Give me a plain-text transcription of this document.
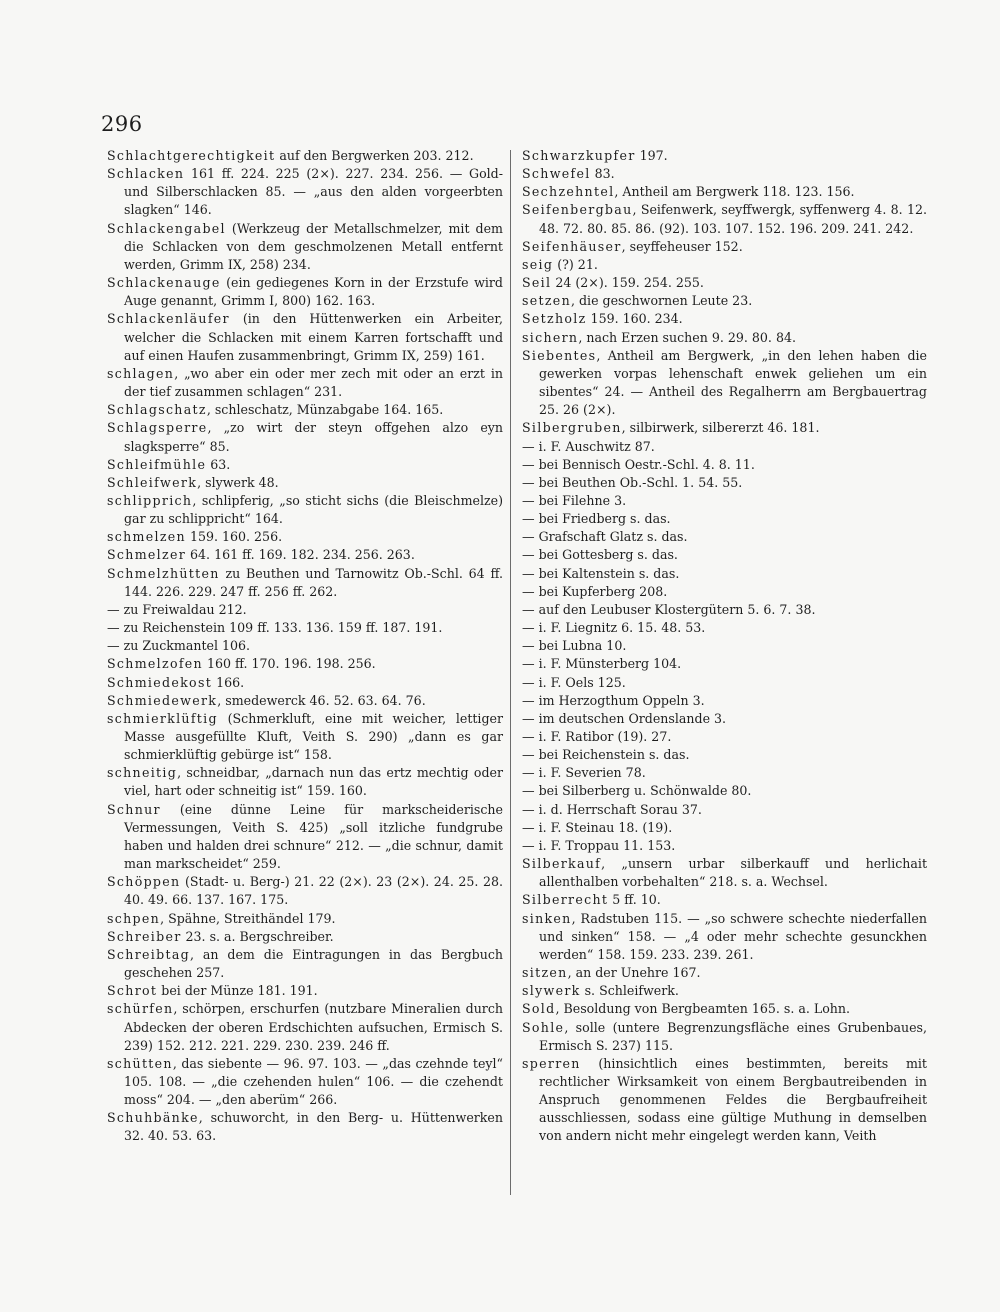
296

Schlachtgerechtigkeit auf den Bergwerken 203. 212.

Schlacken 161 ff. 224. 225 (2×). 227. 234. 256. — Gold- und Silberschlacken 85. — „aus den alden vorgeerbten slagken“ 146.

Schlackengabel (Werkzeug der Metallschmelzer, mit dem die Schlacken von dem geschmolzenen Metall entfernt werden, Grimm IX, 258) 234.

Schlackenauge (ein gediegenes Korn in der Erzstufe wird Auge genannt, Grimm I, 800) 162. 163.

Schlackenläufer (in den Hüttenwerken ein Arbeiter, welcher die Schlacken mit einem Karren fortschafft und auf einen Haufen zusammenbringt, Grimm IX, 259) 161.

schlagen, „wo aber ein oder mer zech mit oder an erzt in der tief zusammen schlagen“ 231.

Schlagschatz, schleschatz, Münzabgabe 164. 165.

Schlagsperre, „zo wirt der steyn offgehen alzo eyn slagksperre“ 85.

Schleifmühle 63.

Schleifwerk, slywerk 48.

schlipprich, schlipferig, „so sticht sichs (die Bleischmelze) gar zu schlippricht“ 164.

schmelzen 159. 160. 256.

Schmelzer 64. 161 ff. 169. 182. 234. 256. 263.

Schmelzhütten zu Beuthen und Tarnowitz Ob.-Schl. 64 ff. 144. 226. 229. 247 ff. 256 ff. 262.

— zu Freiwaldau 212.

— zu Reichenstein 109 ff. 133. 136. 159 ff. 187. 191.

— zu Zuckmantel 106.

Schmelzofen 160 ff. 170. 196. 198. 256.

Schmiedekost 166.

Schmiedewerk, smedewerck 46. 52. 63. 64. 76.

schmierklüftig (Schmerkluft, eine mit weicher, lettiger Masse ausgefüllte Kluft, Veith S. 290) „dann es gar schmierklüftig gebürge ist“ 158.

schneitig, schneidbar, „darnach nun das ertz mechtig oder viel, hart oder schneitig ist“ 159. 160.

Schnur (eine dünne Leine für markscheiderische Vermessungen, Veith S. 425) „soll itzliche fundgrube haben und halden drei schnure“ 212. — „die schnur, damit man markscheidet“ 259.

Schöppen (Stadt- u. Berg-) 21. 22 (2×). 23 (2×). 24. 25. 28. 40. 49. 66. 137. 167. 175.

schpen, Spähne, Streithändel 179.

Schreiber 23. s. a. Bergschreiber.

Schreibtag, an dem die Eintragungen in das Bergbuch geschehen 257.

Schrot bei der Münze 181. 191.

schürfen, schörpen, erschurfen (nutzbare Mineralien durch Abdecken der oberen Erdschichten aufsuchen, Ermisch S. 239) 152. 212. 221. 229. 230. 239. 246 ff.

schütten, das siebente — 96. 97. 103. — „das czehnde teyl“ 105. 108. — „die czehenden hulen“ 106. — die czehendt moss“ 204. — „den aberüm“ 266.

Schuhbänke, schuworcht, in den Berg- u. Hüttenwerken 32. 40. 53. 63.

Schwarzkupfer 197.

Schwefel 83.

Sechzehntel, Antheil am Bergwerk 118. 123. 156.

Seifenbergbau, Seifenwerk, seyffwergk, syffenwerg 4. 8. 12. 48. 72. 80. 85. 86. (92). 103. 107. 152. 196. 209. 241. 242.

Seifenhäuser, seyffeheuser 152.

seig (?) 21.

Seil 24 (2×). 159. 254. 255.

setzen, die geschwornen Leute 23.

Setzholz 159. 160. 234.

sichern, nach Erzen suchen 9. 29. 80. 84.

Siebentes, Antheil am Bergwerk, „in den lehen haben die gewerken vorpas lehenschaft enwek geliehen um ein sibentes“ 24. — Antheil des Regalherrn am Bergbauertrag 25. 26 (2×).

Silbergruben, silbirwerk, silbererzt 46. 181.

— i. F. Auschwitz 87.

— bei Bennisch Oestr.-Schl. 4. 8. 11.

— bei Beuthen Ob.-Schl. 1. 54. 55.

— bei Filehne 3.

— bei Friedberg s. das.

— Grafschaft Glatz s. das.

— bei Gottesberg s. das.

— bei Kaltenstein s. das.

— bei Kupferberg 208.

— auf den Leubuser Klostergütern 5. 6. 7. 38.

— i. F. Liegnitz 6. 15. 48. 53.

— bei Lubna 10.

— i. F. Münsterberg 104.

— i. F. Oels 125.

— im Herzogthum Oppeln 3.

— im deutschen Ordenslande 3.

— i. F. Ratibor (19). 27.

— bei Reichenstein s. das.

— i. F. Severien 78.

— bei Silberberg u. Schönwalde 80.

— i. d. Herrschaft Sorau 37.

— i. F. Steinau 18. (19).

— i. F. Troppau 11. 153.

Silberkauf, „unsern urbar silberkauff und herlichait allenthalben vorbehalten“ 218. s. a. Wechsel.

Silberrecht 5 ff. 10.

sinken, Radstuben 115. — „so schwere schechte niederfallen und sinken“ 158. — „4 oder mehr schechte gesunckhen werden“ 158. 159. 233. 239. 261.

sitzen, an der Unehre 167.

slywerk s. Schleifwerk.

Sold, Besoldung von Bergbeamten 165. s. a. Lohn.

Sohle, solle (untere Begrenzungsfläche eines Grubenbaues, Ermisch S. 237) 115.

sperren (hinsichtlich eines bestimmten, bereits mit rechtlicher Wirksamkeit von einem Bergbautreibenden in Anspruch genommenen Feldes die Bergbaufreiheit ausschliessen, sodass eine gültige Muthung in demselben von andern nicht mehr eingelegt werden kann, Veith
